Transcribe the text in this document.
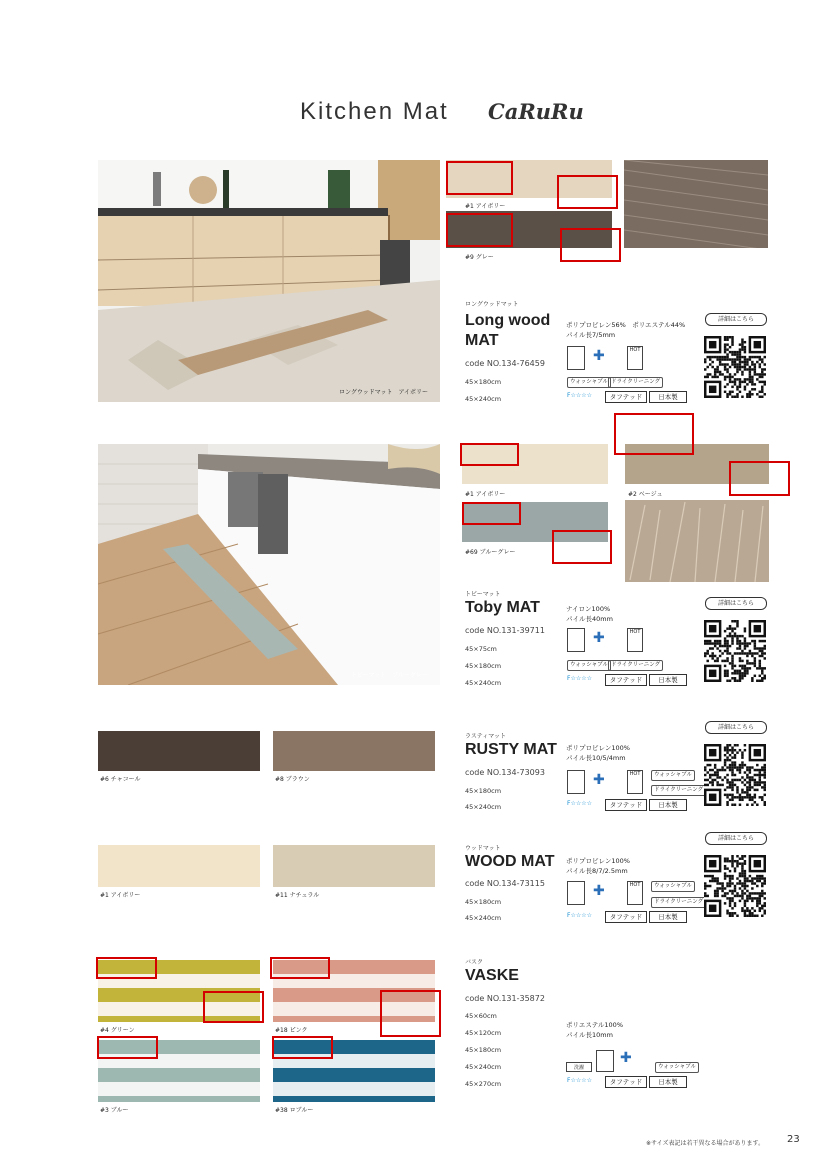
Kitchen Mat CaRuRu
ロングウッドマット　アイボリー
#1 アイボリー
#9 グレー
ロングウッドマット
Long wood
MAT
code NO.134-76459
45×180cm
45×240cm
ポリプロピレン56%　ポリエステル44%
パイル長7/5mm
✚	HOT
ウォッシャブル ドライクリーニング
F☆☆☆☆	タフテッド	日本製
詳細はこちら
トビーマット　ブルーグレー
#1 アイボリー	#2 ベージュ
#69 ブルーグレー
トビーマット
Toby MAT
code NO.131-39711
45×75cm
45×180cm
45×240cm
ナイロン100%
パイル長40mm
✚	HOT
ウォッシャブル ドライクリーニング
F☆☆☆☆	タフテッド	日本製
詳細はこちら
#6 チャコール	#8 ブラウン
ラスティマット
RUSTY MAT
code NO.134-73093
45×180cm
45×240cm
ポリプロピレン100%
パイル長10/5/4mm
✚	HOT	ウォッシャブル
ドライクリーニング
F☆☆☆☆	タフテッド	日本製
詳細はこちら
#1 アイボリー	#11 ナチュラル
ウッドマット
WOOD MAT
code NO.134-73115
45×180cm
45×240cm
ポリプロピレン100%
パイル長8/7/2.5mm
✚	HOT	ウォッシャブル
ドライクリーニング
F☆☆☆☆	タフテッド	日本製
詳細はこちら
#4 グリーン	#18 ピンク
#3 ブルー	#38 ロブルー
バスク
VASKE
code NO.131-35872
45×60cm
45×120cm
45×180cm
45×240cm
45×270cm
ポリエステル100%
パイル長10mm
洗濯
✚
ウォッシャブル
F☆☆☆☆	タフテッド	日本製
※サイズ表記は若干異なる場合があります。 23
